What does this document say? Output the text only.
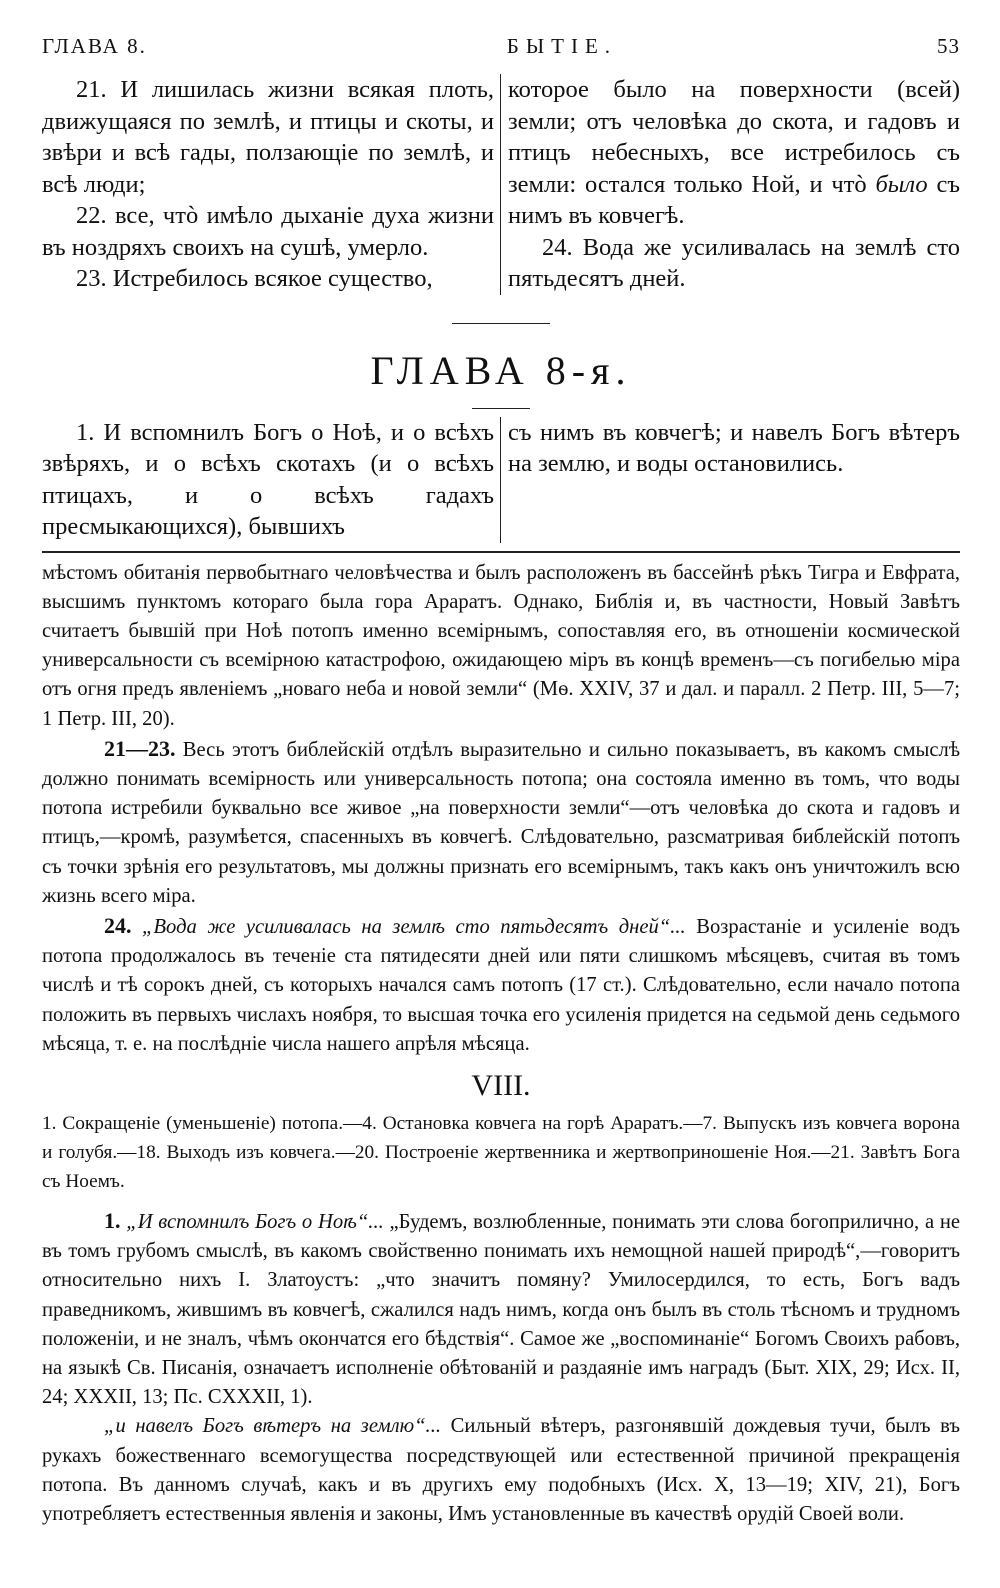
ГЛАВА 8.	БЫТІЕ.	53

21. И лишилась жизни всякая плоть, движущаяся по землѣ, и птицы и скоты, и звѣри и всѣ гады, ползающіе по землѣ, и всѣ люди;

22. все, чтò имѣло дыханіе духа жизни въ ноздряхъ своихъ на сушѣ, умерло.

23. Истребилось всякое существо,

которое было на поверхности (всей) земли; отъ человѣка до скота, и гадовъ и птицъ небесныхъ, все истребилось съ земли: остался только Ной, и чтò было съ нимъ въ ковчегѣ.

24. Вода же усиливалась на землѣ сто пятьдесятъ дней.

ГЛАВА 8-я.

1. И вспомнилъ Богъ о Ноѣ, и о всѣхъ звѣряхъ, и о всѣхъ скотахъ (и о всѣхъ птицахъ, и о всѣхъ гадахъ пресмыкающихся), бывшихъ

съ нимъ въ ковчегѣ; и навелъ Богъ вѣтеръ на землю, и воды остановились.

мѣстомъ обитанія первобытнаго человѣчества и былъ расположенъ въ бассейнѣ рѣкъ Тигра и Евфрата, высшимъ пунктомъ котораго была гора Араратъ. Однако, Библія и, въ частности, Новый Завѣтъ считаетъ бывшій при Ноѣ потопъ именно всемірнымъ, сопоставляя его, въ отношеніи космической универсальности съ всемірною катастрофою, ожидающею міръ въ концѣ временъ—съ погибелью міра отъ огня предъ явленіемъ „новаго неба и новой земли“ (Мѳ. XXIV, 37 и дал. и паралл. 2 Петр. III, 5—7; 1 Петр. III, 20).

21—23. Весь этотъ библейскій отдѣлъ выразительно и сильно показываетъ, въ какомъ смыслѣ должно понимать всемірность или универсальность потопа; она состояла именно въ томъ, что воды потопа истребили буквально все живое „на поверхности земли“—отъ человѣка до скота и гадовъ и птицъ,—кромѣ, разумѣется, спасенныхъ въ ковчегѣ. Слѣдовательно, разсматривая библейскій потопъ съ точки зрѣнія его результатовъ, мы должны признать его всемірнымъ, такъ какъ онъ уничтожилъ всю жизнь всего міра.

24. „Вода же усиливалась на землѣ сто пятьдесятъ дней“... Возрастаніе и усиленіе водъ потопа продолжалось въ теченіе ста пятидесяти дней или пяти слишкомъ мѣсяцевъ, считая въ томъ числѣ и тѣ сорокъ дней, съ которыхъ начался самъ потопъ (17 ст.). Слѣдовательно, если начало потопа положить въ первыхъ числахъ ноября, то высшая точка его усиленія придется на седьмой день седьмого мѣсяца, т. е. на послѣдніе числа нашего апрѣля мѣсяца.

VIII.

1. Сокращеніе (уменьшеніе) потопа.—4. Остановка ковчега на горѣ Араратъ.—7. Выпускъ изъ ковчега ворона и голубя.—18. Выходъ изъ ковчега.—20. Построеніе жертвенника и жертвоприношеніе Ноя.—21. Завѣтъ Бога съ Ноемъ.

1. „И вспомнилъ Богъ о Ноѣ“... „Будемъ, возлюбленные, понимать эти слова богоприлично, а не въ томъ грубомъ смыслѣ, въ какомъ свойственно понимать ихъ немощной нашей природѣ“,—говоритъ относительно нихъ І. Златоустъ: „что значитъ помяну? Умилосердился, то есть, Богъ вадъ праведникомъ, жившимъ въ ковчегѣ, сжалился надъ нимъ, когда онъ былъ въ столь тѣсномъ и трудномъ положеніи, и не зналъ, чѣмъ окончатся его бѣдствія“. Самое же „воспоминаніе“ Богомъ Своихъ рабовъ, на языкѣ Св. Писанія, означаетъ исполненіе обѣтованій и раздаяніе имъ наградъ (Быт. XIX, 29; Исх. II, 24; XXXII, 13; Пс. CXXXII, 1).

„и навелъ Богъ вѣтеръ на землю“... Сильный вѣтеръ, разгонявшій дождевыя тучи, былъ въ рукахъ божественнаго всемогущества посредствующей или естественной причиной прекращенія потопа. Въ данномъ случаѣ, какъ и въ другихъ ему подобныхъ (Исх. X, 13—19; XIV, 21), Богъ употребляетъ естественныя явленія и законы, Имъ установленные въ качествѣ орудій Своей воли.
